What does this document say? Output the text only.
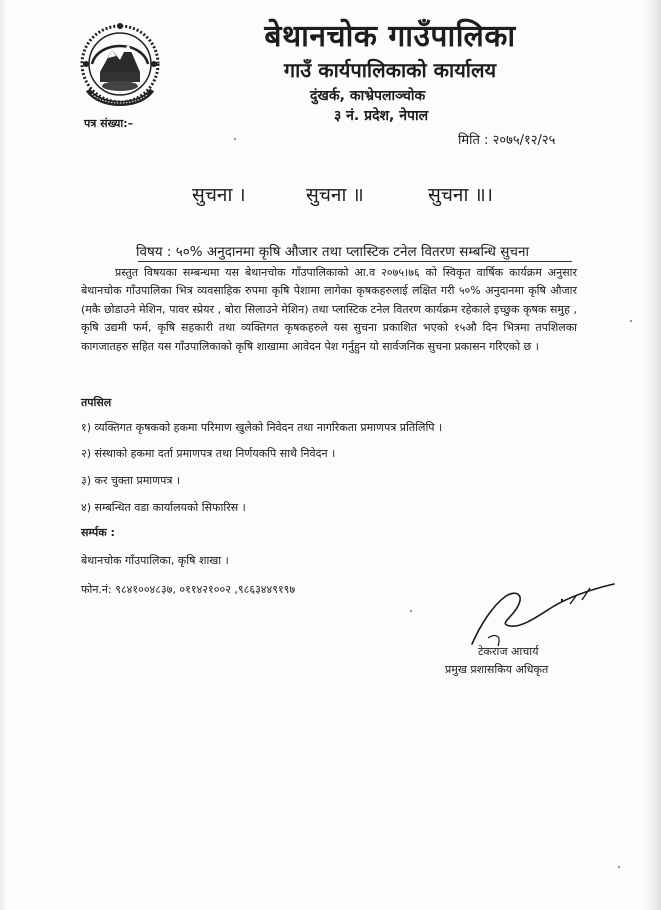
बेथानचोक गाउँपालिका
गाउँ कार्यपालिकाको कार्यालय
दुंखर्क, काभ्रेपलाञ्चोक
३ नं. प्रदेश, नेपाल
पत्र संख्या:–
मिति : २०७५/१२/२५
सुचना ।	सुचना ॥	सुचना ॥।
विषय : ५०% अनुदानमा कृषि औजार तथा प्लास्टिक टनेल वितरण सम्बन्धि सुचना
प्रस्तुत विषयका सम्बन्धमा यस बेथानचोक गाँउपालिकाको आ.व २०७५।७६ को स्विकृत वार्षिक कार्यक्रम अनुसार बेथानचोक गाँउपालिका भित्र व्यवसाहिक रुपमा कृषि पेशामा लागेका कृषकहरुलाई लक्षित गरी ५०% अनुदानमा कृषि औजार (मकै छोडाउने मेशिन, पावर स्प्रेयर , बोरा सिलाउने मेशिन) तथा प्लास्टिक टनेल वितरण कार्यक्रम रहेकाले इच्छुक कृषक समुह , कृषि उद्यमी फर्म, कृषि सहकारी तथा व्यक्तिगत कृषकहरुले यस सुचना प्रकाशित भएको १५औ दिन भित्रमा तपशिलका कागजातहरु सहित यस गाँउपालिकाको कृषि शाखामा आवेदन पेश गर्नुहुन यो सार्वजनिक सुचना प्रकासन गरिएको छ ।
तपसिल
१) व्यक्तिगत कृषकको हकमा परिमाण खुलेको निवेदन तथा नागरिकता प्रमाणपत्र प्रतिलिपि ।
२) संस्थाको हकमा दर्ता प्रमाणपत्र तथा निर्णयकपि साथै निवेदन ।
३) कर चुक्ता प्रमाणपत्र ।
४) सम्बन्धित वडा कार्यालयको सिफारिस ।
सर्म्पक :
बेथानचोक गाँउपालिका, कृषि शाखा ।
फोन.नं: ९८४१००४८३७, ०११४२१००२ ,९८६३४४९१९७
टेकराज आचार्य
प्रमुख प्रशासकिय अधिकृत
